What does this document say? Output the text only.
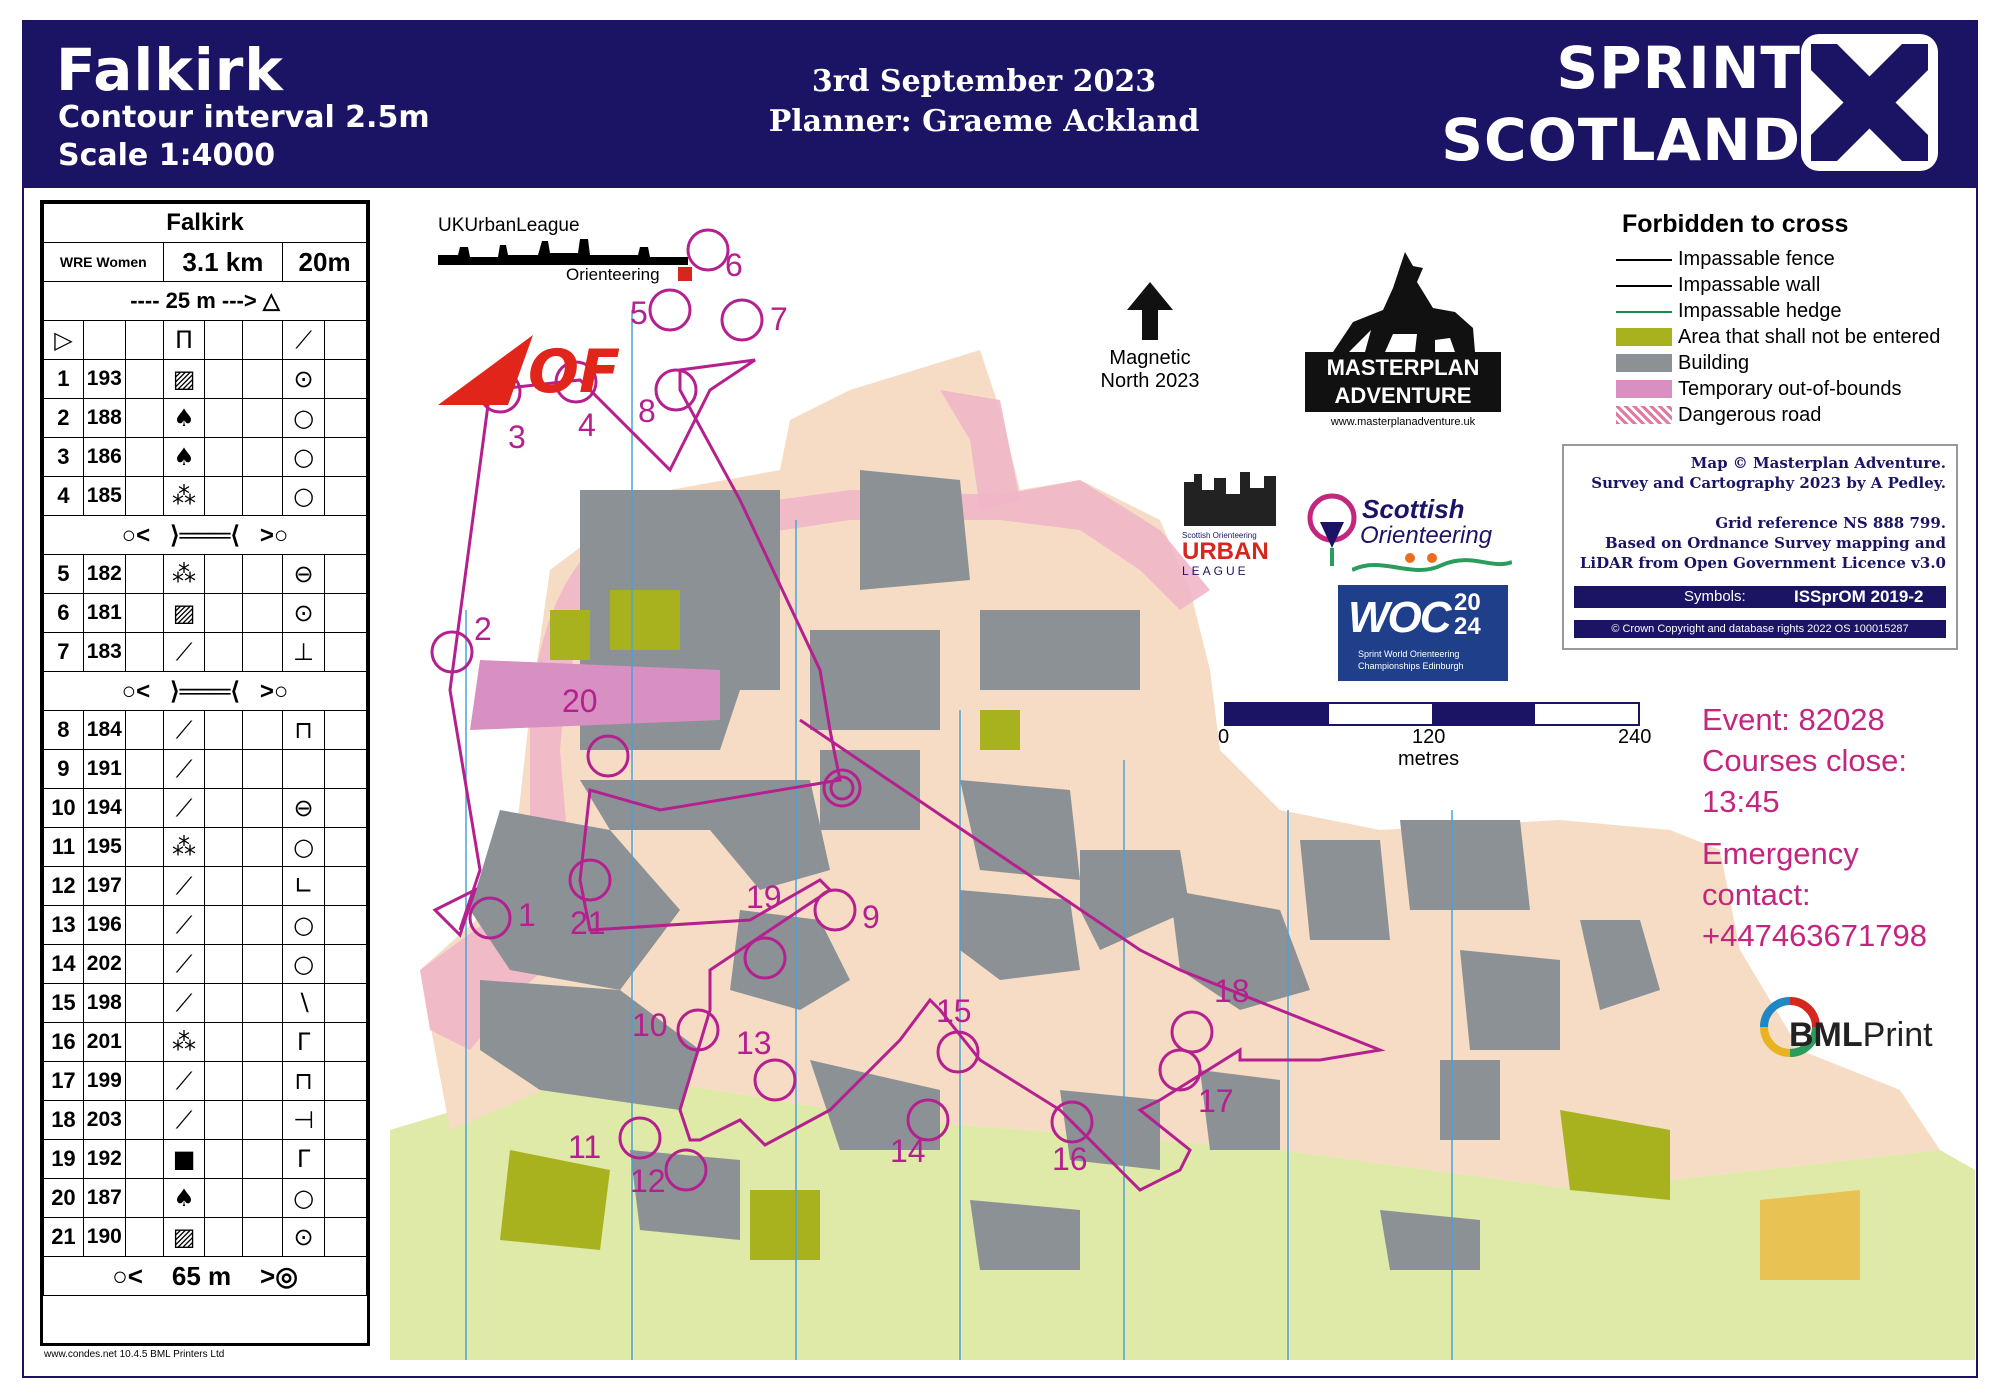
Falkirk
Contour interval 2.5m
Scale 1:4000
3rd September 2023
Planner: Graeme Ackland
SPRINT
SCOTLAND
Falkirk							
WRE Women			3.1 km			20m	
---- 25 m ---> △							
▷			Π			⟋	
1	193		▨			⊙	
2	188		♠			○	
3	186		♠			○	
4	185		⁂			○	
○< ⟩═══⟨ >○							
5	182		⁂			⊖	
6	181		▨			⊙	
7	183		⟋			⊥	
○< ⟩═══⟨ >○							
8	184		⟋			⊓	
9	191		⟋				
10	194		⟋			⊖	
11	195		⁂			○	
12	197		⟋			∟	
13	196		⟋			○	
14	202		⟋			○	
15	198		⟋			∖	
16	201		⁂			Γ	
17	199		⟋			⊓	
18	203		⟋			⊣	
19	192		■			Γ	
20	187		♠			○	
21	190		▨			⊙	
○< 65 m >◎							
www.condes.net 10.4.5 BML Printers Ltd
1
2
3 4
5
6
7
8
9
10
11
12
13
14
15
16
17
18
19
20
21
UKUrbanLeague
Orienteering
OF	Magnetic
North 2023
MASTERPLAN
ADVENTURE
www.masterplanadventure.uk
Scottish Orienteering
URBAN
LEAGUE
Scottish
Orienteering
WOC 20
24
Sprint World Orienteering
Championships Edinburgh
Forbidden to cross
Impassable fence
Impassable wall
Impassable hedge
Area that shall not be entered
Building
Temporary out-of-bounds
Dangerous road
Map © Masterplan Adventure.
Survey and Cartography 2023 by A Pedley.
Grid reference NS 888 799.
Based on Ordnance Survey mapping and
LiDAR from Open Government Licence v3.0
Symbols:	ISSprOM 2019-2
© Crown Copyright and database rights 2022 OS 100015287
0	120	240
metres
Event: 82028
Courses close:
13:45
Emergency
contact:
+447463671798
BMLPrint
